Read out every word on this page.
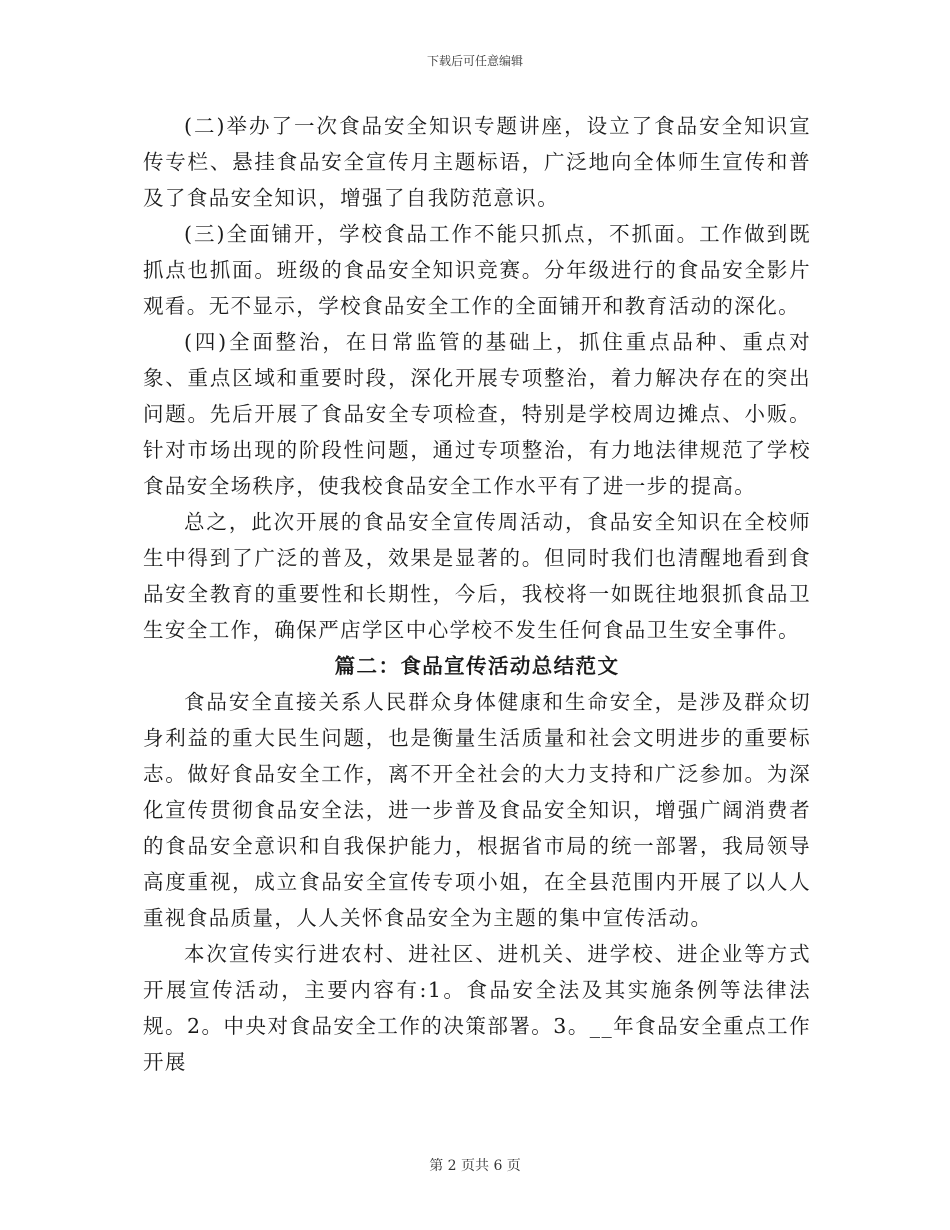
下载后可任意编辑

(二)举办了一次食品安全知识专题讲座，设立了食品安全知识宣传专栏、悬挂食品安全宣传月主题标语，广泛地向全体师生宣传和普及了食品安全知识，增强了自我防范意识。

(三)全面铺开，学校食品工作不能只抓点，不抓面。工作做到既抓点也抓面。班级的食品安全知识竞赛。分年级进行的食品安全影片观看。无不显示，学校食品安全工作的全面铺开和教育活动的深化。

(四)全面整治，在日常监管的基础上，抓住重点品种、重点对象、重点区域和重要时段，深化开展专项整治，着力解决存在的突出问题。先后开展了食品安全专项检查，特别是学校周边摊点、小贩。针对市场出现的阶段性问题，通过专项整治，有力地法律规范了学校食品安全场秩序，使我校食品安全工作水平有了进一步的提高。

总之，此次开展的食品安全宣传周活动，食品安全知识在全校师生中得到了广泛的普及，效果是显著的。但同时我们也清醒地看到食品安全教育的重要性和长期性，今后，我校将一如既往地狠抓食品卫生安全工作，确保严店学区中心学校不发生任何食品卫生安全事件。

篇二：食品宣传活动总结范文

食品安全直接关系人民群众身体健康和生命安全，是涉及群众切身利益的重大民生问题，也是衡量生活质量和社会文明进步的重要标志。做好食品安全工作，离不开全社会的大力支持和广泛参加。为深化宣传贯彻食品安全法，进一步普及食品安全知识，增强广阔消费者的食品安全意识和自我保护能力，根据省市局的统一部署，我局领导高度重视，成立食品安全宣传专项小姐，在全县范围内开展了以人人重视食品质量，人人关怀食品安全为主题的集中宣传活动。

本次宣传实行进农村、进社区、进机关、进学校、进企业等方式开展宣传活动，主要内容有:1。食品安全法及其实施条例等法律法规。2。中央对食品安全工作的决策部署。3。__年食品安全重点工作开展

第 2 页共 6 页
